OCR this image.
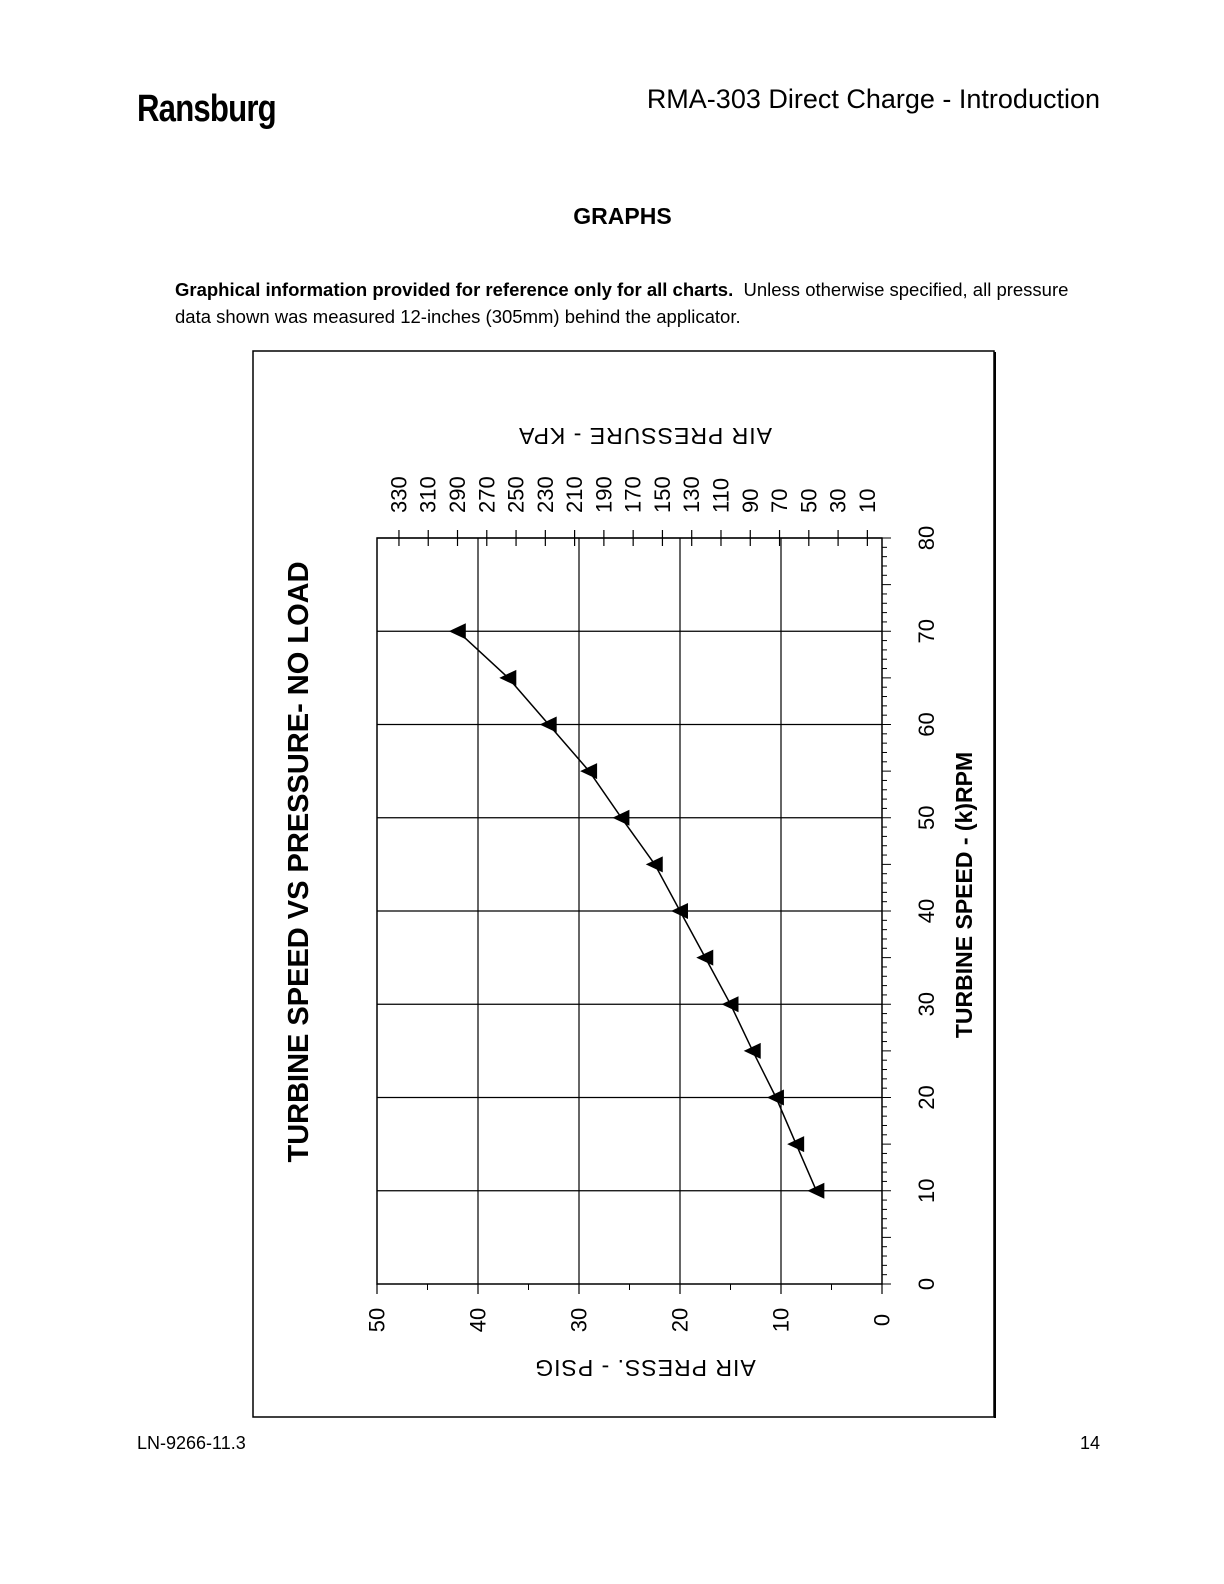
Ransburg	RMA-303 Direct Charge - Introduction
GRAPHS
Graphical information provided for reference only for all charts. Unless otherwise specified, all pressure data shown was measured 12-inches (305mm) behind the applicator.
0
10
20
30
40
50
60
70
80
0
10
20
30
40
50
10
30
50
70
90
110
130
150
170
190
210
230
250
270
290
310
330
TURBINE SPEED VS PRESSURE- NO LOAD	TURBINE SPEED - (k)RPM
AIR PRESS. - PSIG
AIR PRESSURE - KPA
LN-9266-11.3	14
